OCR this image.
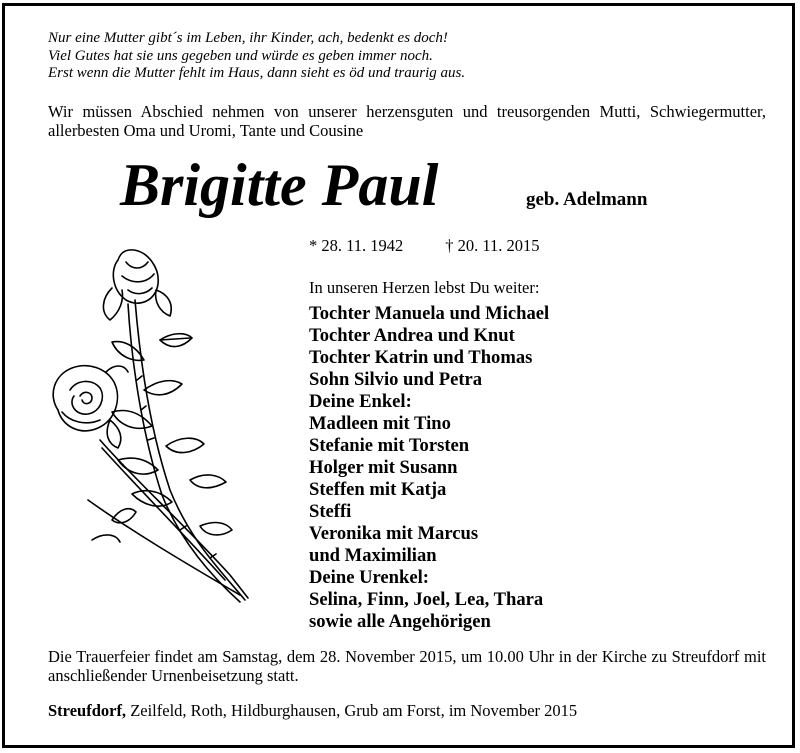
Nur eine Mutter gibt´s im Leben, ihr Kinder, ach, bedenkt es doch!
Viel Gutes hat sie uns gegeben und würde es geben immer noch.
Erst wenn die Mutter fehlt im Haus, dann sieht es öd und traurig aus.
Wir müssen Abschied nehmen von unserer herzensguten und treusorgenden Mutti, Schwiegermutter, allerbesten Oma und Uromi, Tante und Cousine
Brigitte Paul	geb. Adelmann
* 28. 11. 1942	† 20. 11. 2015
In unseren Herzen lebst Du weiter:
Tochter Manuela und Michael
Tochter Andrea und Knut
Tochter Katrin und Thomas
Sohn Silvio und Petra
Deine Enkel:
Madleen mit Tino
Stefanie mit Torsten
Holger mit Susann
Steffen mit Katja
Steffi
Veronika mit Marcus
und Maximilian
Deine Urenkel:
Selina, Finn, Joel, Lea, Thara
sowie alle Angehörigen
Die Trauerfeier findet am Samstag, dem 28. November 2015, um 10.00 Uhr in der Kirche zu Streufdorf mit anschließender Urnenbeisetzung statt.
Streufdorf, Zeilfeld, Roth, Hildburghausen, Grub am Forst, im November 2015
